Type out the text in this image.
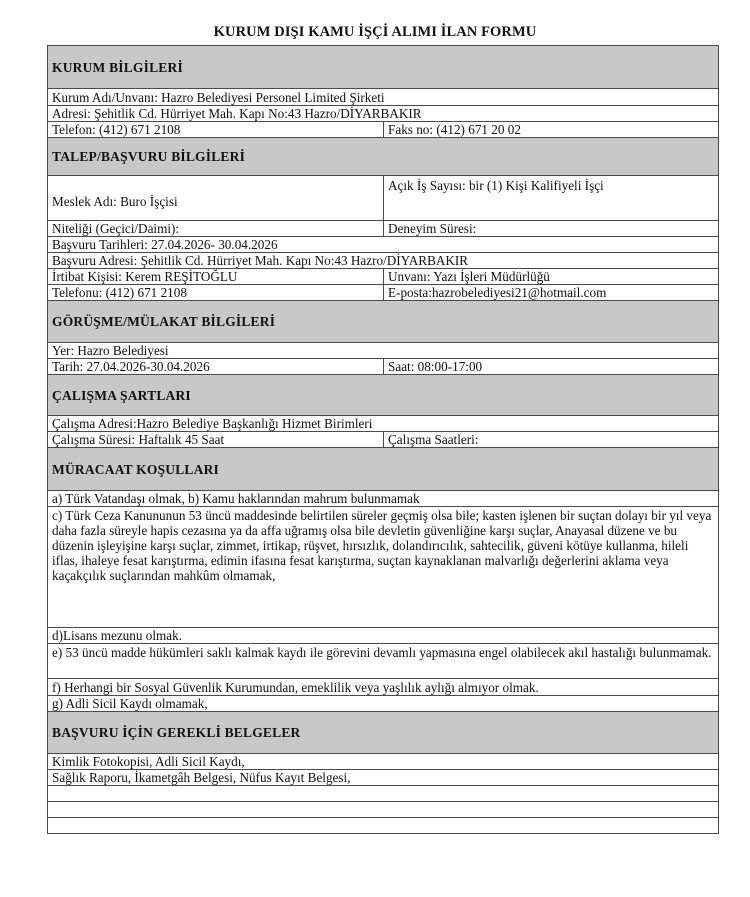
KURUM DIŞI KAMU İŞÇİ ALIMI İLAN FORMU
KURUM BİLGİLERİ	
Kurum Adı/Unvanı: Hazro Belediyesi Personel Limited Şirketi	
Adresi: Şehitlik Cd. Hürriyet Mah. Kapı No:43 Hazro/DİYARBAKIR	
Telefon: (412) 671 2108	Faks no: (412) 671 20 02
TALEP/BAŞVURU BİLGİLERİ	
Meslek Adı: Buro İşçisi	Açık İş Sayısı: bir (1) Kişi Kalifiyeli İşçi
Niteliği (Geçici/Daimi):	Deneyim Süresi:
Başvuru Tarihleri: 27.04.2026- 30.04.2026	
Başvuru Adresi: Şehitlik Cd. Hürriyet Mah. Kapı No:43 Hazro/DİYARBAKIR	
İrtibat Kişisi: Kerem REŞİTOĞLU	Unvanı: Yazı İşleri Müdürlüğü
Telefonu: (412) 671 2108	E-posta:hazrobelediyesi21@hotmail.com
GÖRÜŞME/MÜLAKAT BİLGİLERİ	
Yer: Hazro Belediyesi	
Tarih: 27.04.2026-30.04.2026	Saat: 08:00-17:00
ÇALIŞMA ŞARTLARI	
Çalışma Adresi:Hazro Belediye Başkanlığı Hizmet Birimleri	
Çalışma Süresi: Haftalık 45 Saat	Çalışma Saatleri:
MÜRACAAT KOŞULLARI	
a) Türk Vatandaşı olmak, b) Kamu haklarından mahrum bulunmamak	
c) Türk Ceza Kanununun 53 üncü maddesinde belirtilen süreler geçmiş olsa bile; kasten işlenen bir suçtan dolayı bir yıl veya daha fazla süreyle hapis cezasına ya da affa uğramış olsa bile devletin güvenliğine karşı suçlar, Anayasal düzene ve bu düzenin işleyişine karşı suçlar, zimmet, irtikap, rüşvet, hırsızlık, dolandırıcılık, sahtecilik, güveni kötüye kullanma, hileli iflas, ihaleye fesat karıştırma, edimin ifasına fesat karıştırma, suçtan kaynaklanan malvarlığı değerlerini aklama veya kaçakçılık suçlarından mahkûm olmamak,	
d)Lisans mezunu olmak.	
e) 53 üncü madde hükümleri saklı kalmak kaydı ile görevini devamlı yapmasına engel olabilecek akıl hastalığı bulunmamak.	
f) Herhangi bir Sosyal Güvenlik Kurumundan, emeklilik veya yaşlılık aylığı almıyor olmak.	
g) Adli Sicil Kaydı olmamak,	
BAŞVURU İÇİN GEREKLİ BELGELER	
Kimlik Fotokopisi, Adli Sicil Kaydı,	
Sağlık Raporu, İkametgâh Belgesi, Nüfus Kayıt Belgesi,	
